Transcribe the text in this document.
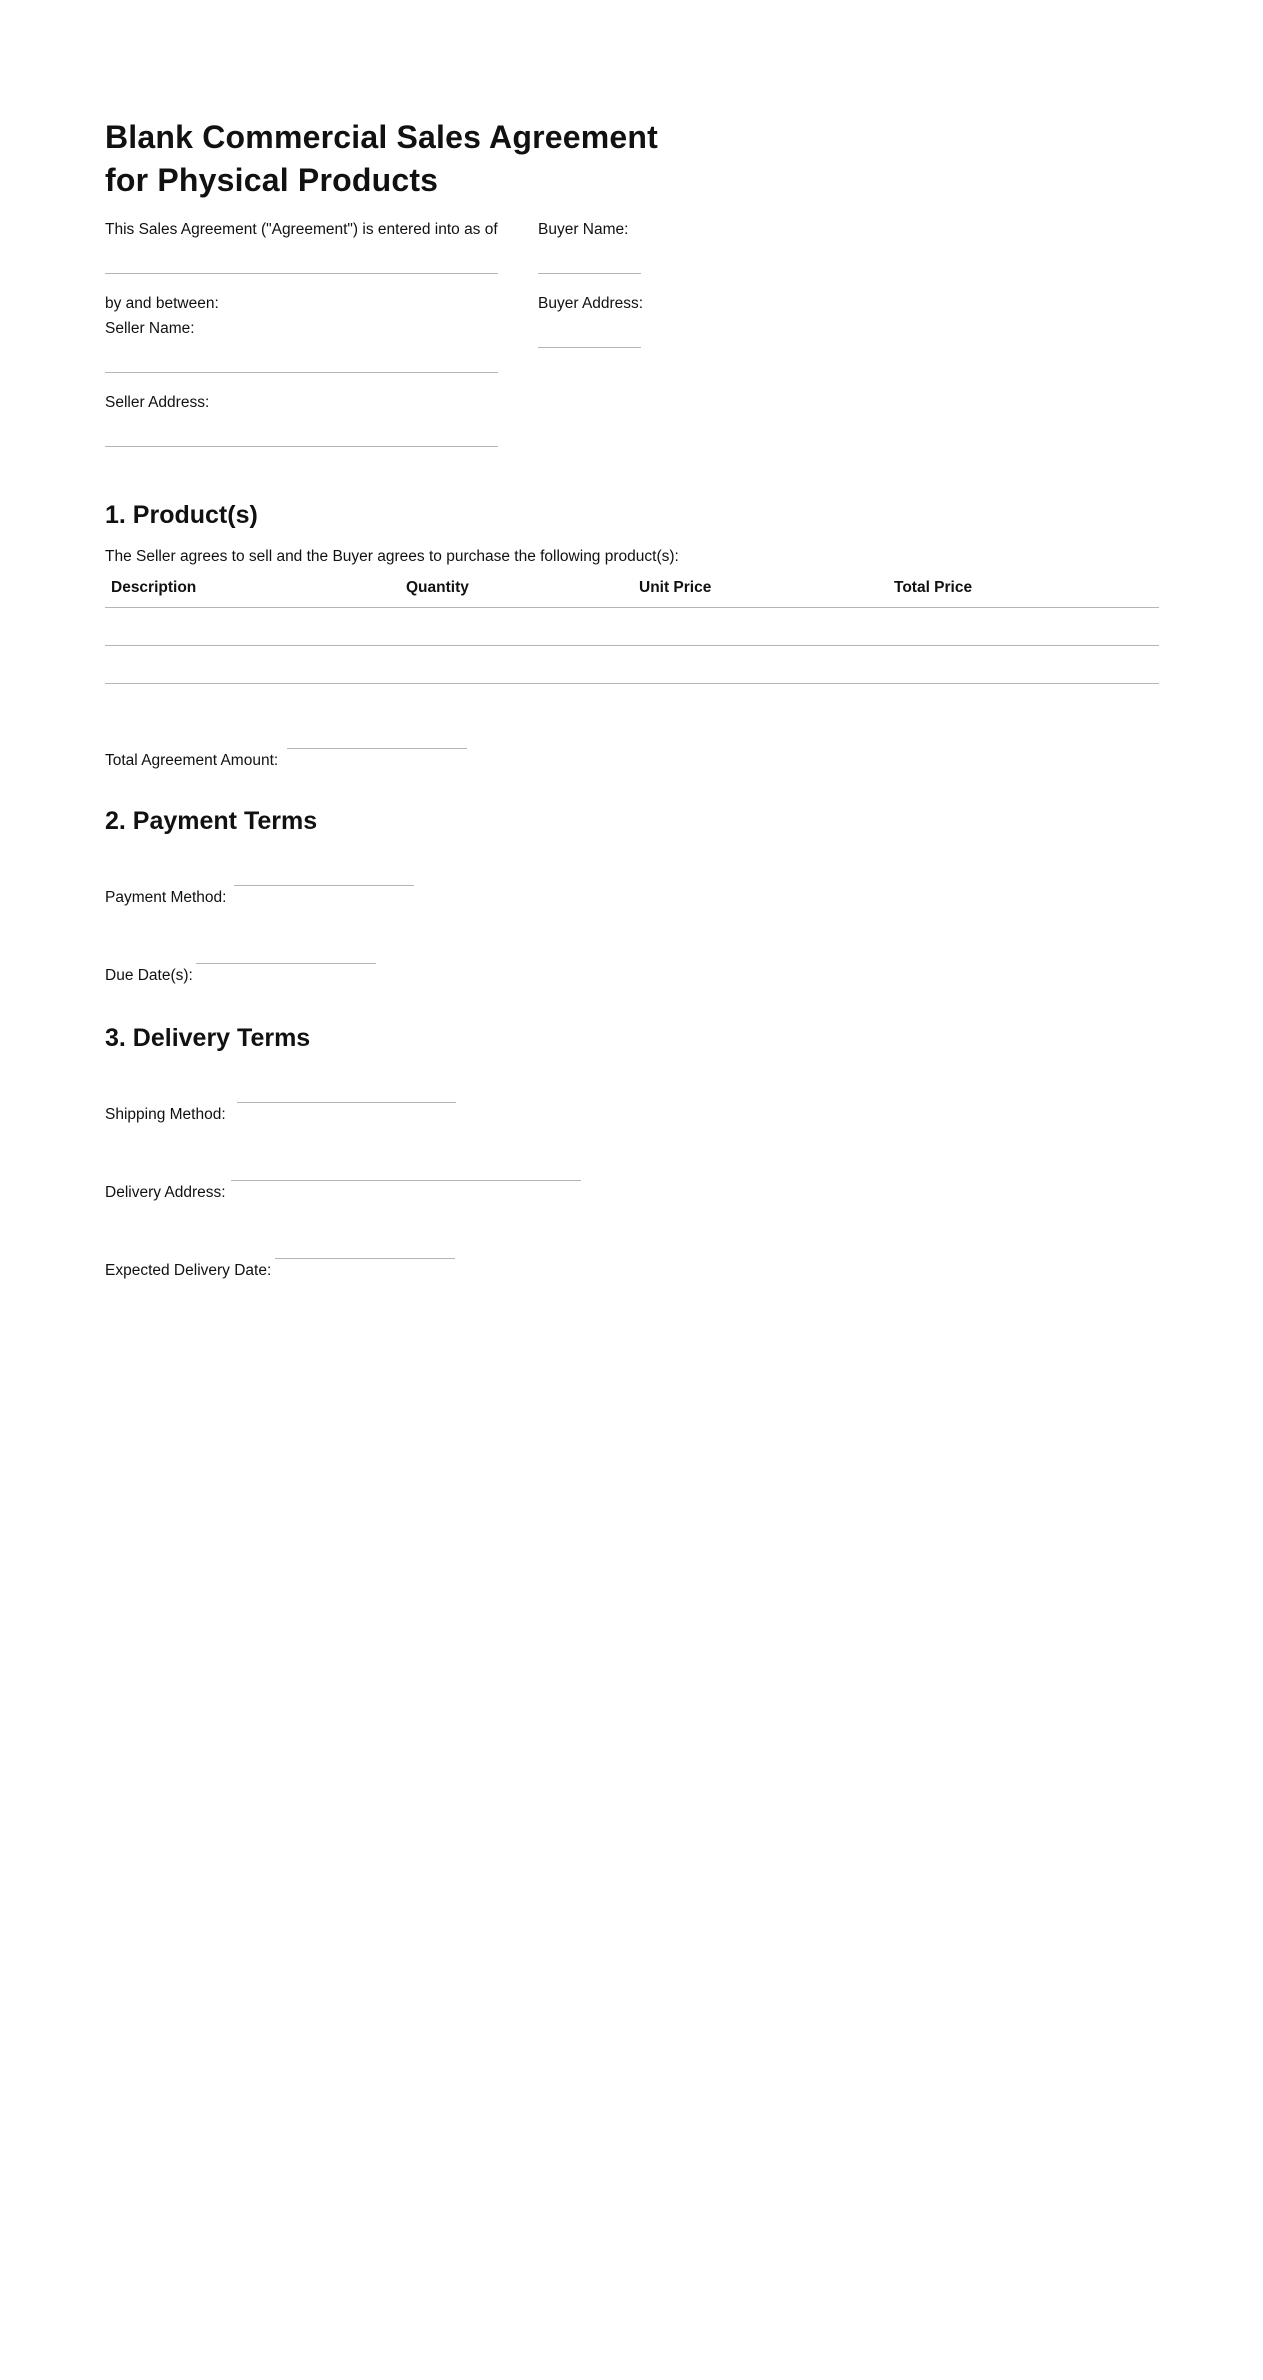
Blank Commercial Sales Agreement for Physical Products
This Sales Agreement ("Agreement") is entered into as of
by and between:
Seller Name:
Seller Address:
Buyer Name:
Buyer Address:
1. Product(s)
The Seller agrees to sell and the Buyer agrees to purchase the following product(s):
Description	Quantity	Unit Price	Total Price
Total Agreement Amount:
2. Payment Terms
Payment Method:
Due Date(s):
3. Delivery Terms
Shipping Method:
Delivery Address:
Expected Delivery Date:
